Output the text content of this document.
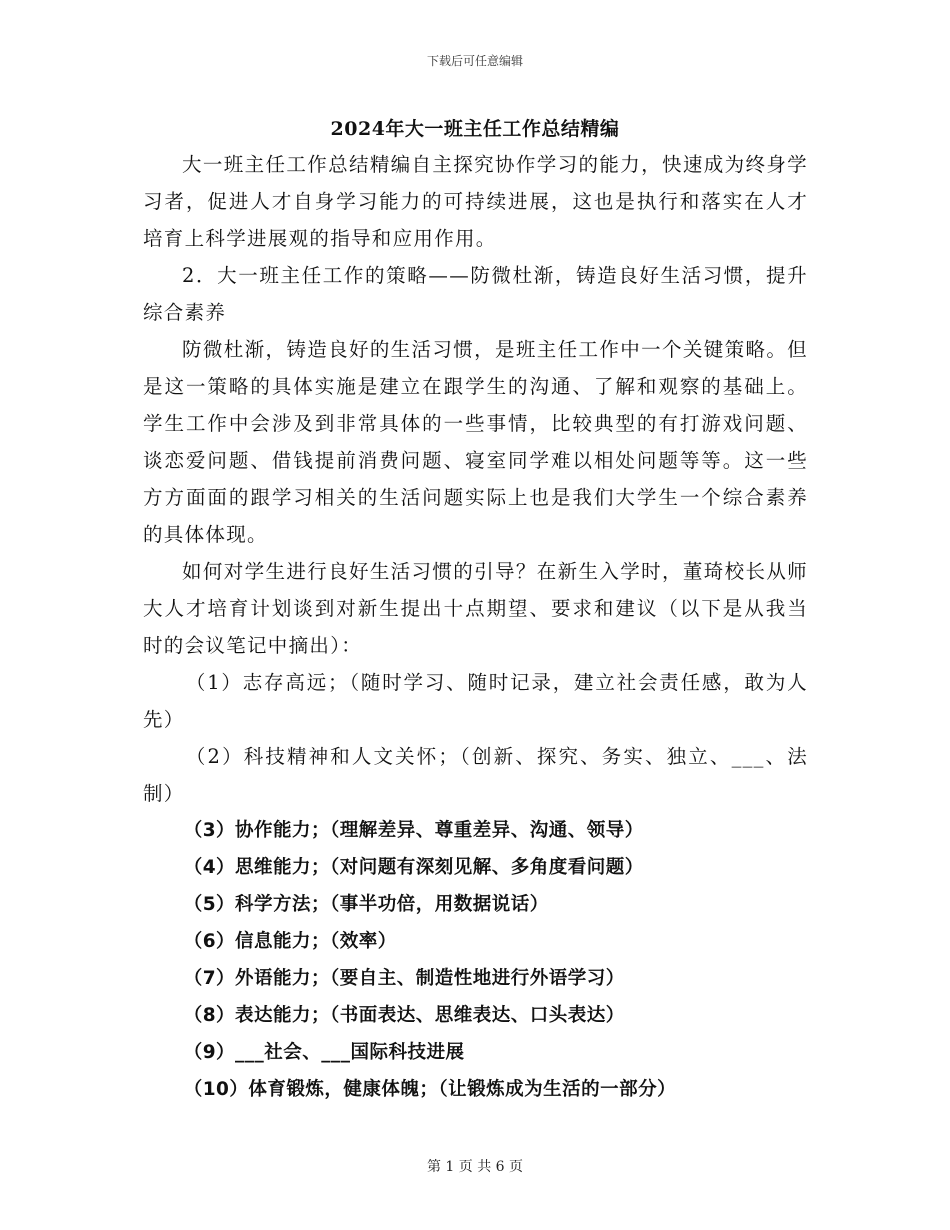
下载后可任意编辑
2024年大一班主任工作总结精编

大一班主任工作总结精编自主探究协作学习的能力，快速成为终身学习者，促进人才自身学习能力的可持续进展，这也是执行和落实在人才培育上科学进展观的指导和应用作用。

2．大一班主任工作的策略——防微杜渐，铸造良好生活习惯，提升综合素养

防微杜渐，铸造良好的生活习惯，是班主任工作中一个关键策略。但是这一策略的具体实施是建立在跟学生的沟通、了解和观察的基础上。学生工作中会涉及到非常具体的一些事情，比较典型的有打游戏问题、谈恋爱问题、借钱提前消费问题、寝室同学难以相处问题等等。这一些方方面面的跟学习相关的生活问题实际上也是我们大学生一个综合素养的具体体现。

如何对学生进行良好生活习惯的引导？在新生入学时，董琦校长从师大人才培育计划谈到对新生提出十点期望、要求和建议（以下是从我当时的会议笔记中摘出）：

（1）志存高远；（随时学习、随时记录，建立社会责任感，敢为人先）

（2）科技精神和人文关怀；（创新、探究、务实、独立、___、法制）

（3）协作能力；（理解差异、尊重差异、沟通、领导）

（4）思维能力；（对问题有深刻见解、多角度看问题）

（5）科学方法；（事半功倍，用数据说话）

（6）信息能力；（效率）

（7）外语能力；（要自主、制造性地进行外语学习）

（8）表达能力；（书面表达、思维表达、口头表达）

（9）___社会、___国际科技进展

（10）体育锻炼，健康体魄；（让锻炼成为生活的一部分）

第 1 页 共 6 页
